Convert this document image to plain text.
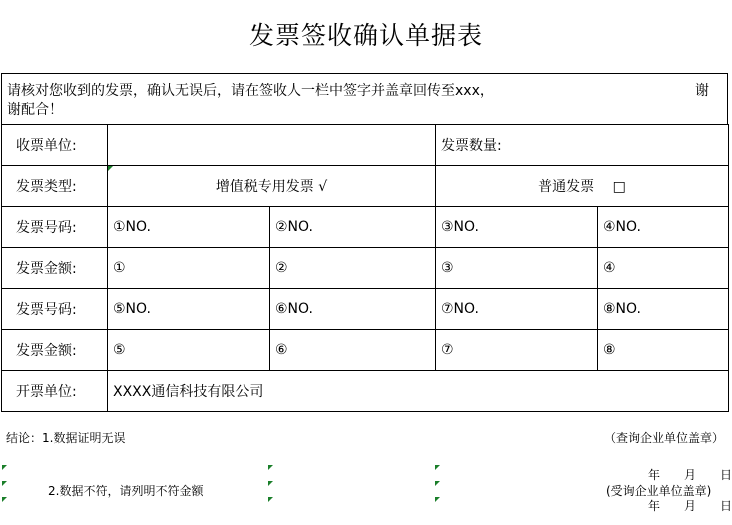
发票签收确认单据表
请核对您收到的发票，确认无误后，请在签收人一栏中签字并盖章回传至xxx，	谢
谢配合！
收票单位:			发票数量:	
发票类型:	增值税专用发票 √		普通发票　 □	
发票号码:	①NO.	②NO.	③NO.	④NO.
发票金额:	①	②	③	④
发票号码:	⑤NO.	⑥NO.	⑦NO.	⑧NO.
发票金额:	⑤	⑥	⑦	⑧
开票单位:	XXXX通信科技有限公司			
结论：1.数据证明无误
2.数据不符，请列明不符金额
（查询企业单位盖章）
年　　月　　日
(受询企业单位盖章)
年　　月　　日
